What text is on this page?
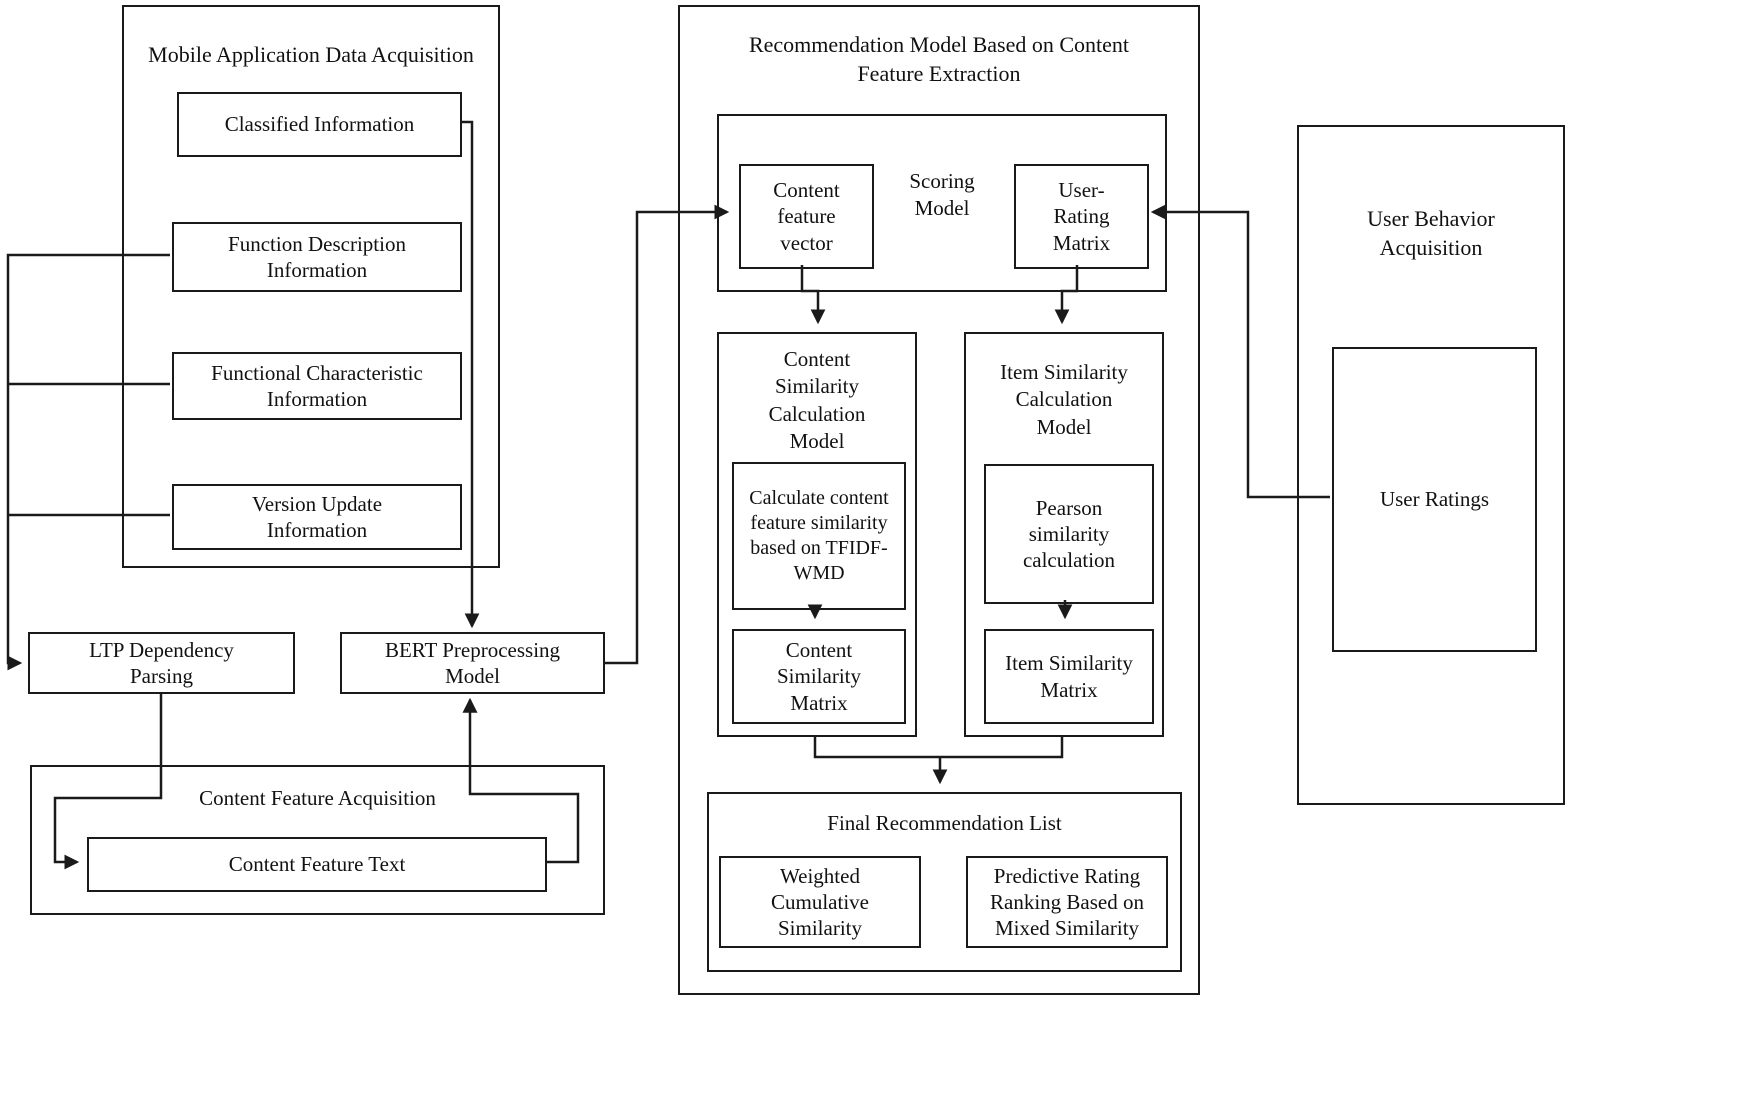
Mobile Application Data Acquisition
Classified Information
Function Description Information
Functional Characteristic Information
Version Update Information
LTP Dependency Parsing
BERT Preprocessing Model
Content Feature Acquisition
Content Feature Text
Recommendation Model Based on Content Feature Extraction
Content feature vector
Scoring Model
User-Rating Matrix
Content Similarity Calculation Model
Calculate content feature similarity based on TFIDF-WMD
Content Similarity Matrix
Item Similarity Calculation Model
Pearson similarity calculation
Item Similarity Matrix
Final Recommendation List
Weighted Cumulative Similarity
Predictive Rating Ranking Based on Mixed Similarity
User Behavior Acquisition
User Ratings
